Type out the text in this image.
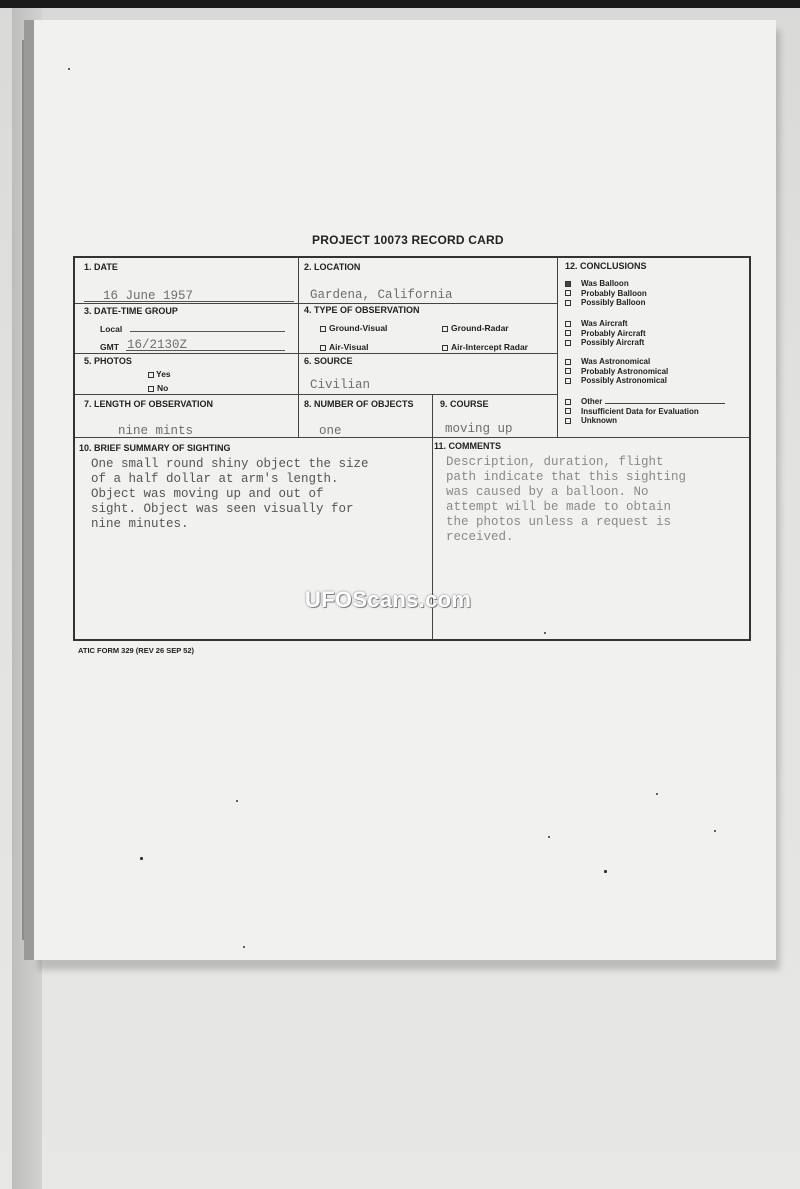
PROJECT 10073 RECORD CARD
1. DATE
16 June 1957
2. LOCATION
Gardena, California
3. DATE-TIME GROUP
Local
GMT 16/2130Z
4. TYPE OF OBSERVATION
Ground-Visual	Ground-Radar
Air-Visual	Air-Intercept Radar
5. PHOTOS
Yes
No
6. SOURCE
Civilian
7. LENGTH OF OBSERVATION
nine mints
8. NUMBER OF OBJECTS
one
9. COURSE
moving up
10. BRIEF SUMMARY OF SIGHTING
One small round shiny object the size
of a half dollar at arm's length.
Object was moving up and out of
sight. Object was seen visually for
nine minutes.
11. COMMENTS
Description, duration, flight
path indicate that this sighting
was caused by a balloon. No
attempt will be made to obtain
the photos unless a request is
received.
12. CONCLUSIONS
Was Balloon
Probably Balloon
Possibly Balloon
Was Aircraft
Probably Aircraft
Possibly Aircraft
Was Astronomical
Probably Astronomical
Possibly Astronomical
Other
Insufficient Data for Evaluation
Unknown
UFOScans.com
ATIC FORM 329 (REV 26 SEP 52)
